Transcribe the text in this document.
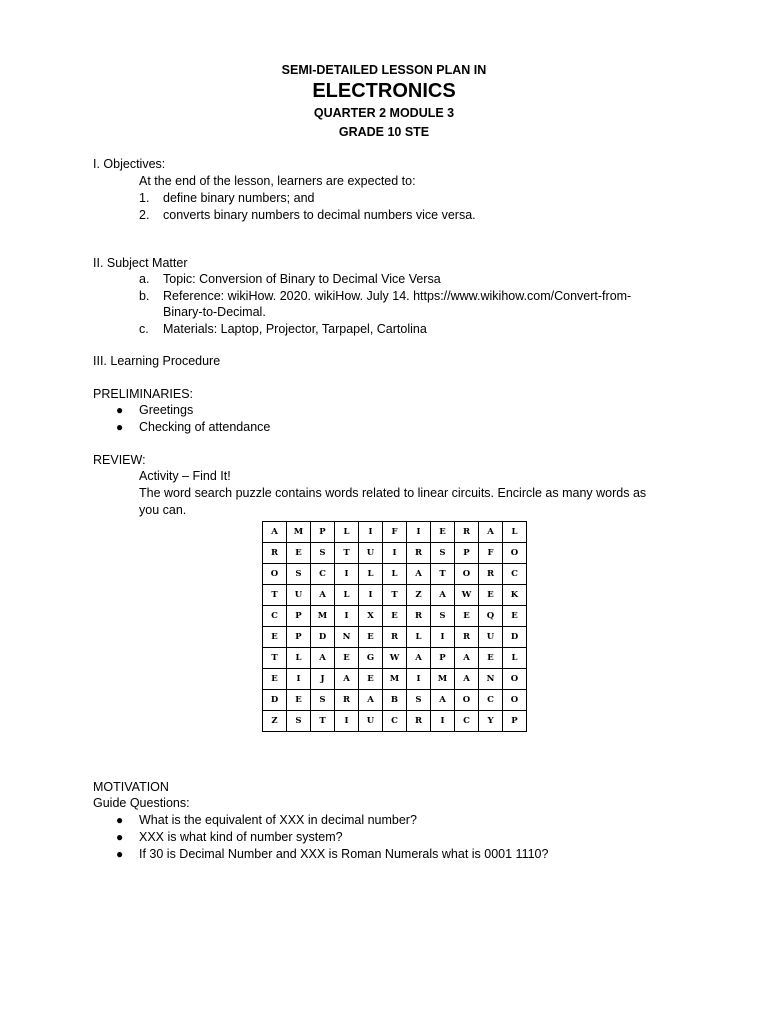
SEMI-DETAILED LESSON PLAN IN
ELECTRONICS
QUARTER 2 MODULE 3
GRADE 10 STE
I. Objectives:
At the end of the lesson, learners are expected to:
1. define binary numbers; and
2. converts binary numbers to decimal numbers vice versa.
II. Subject Matter
a. Topic: Conversion of Binary to Decimal Vice Versa
b. Reference: wikiHow. 2020. wikiHow. July 14. https://www.wikihow.com/Convert-from-
Binary-to-Decimal.
c. Materials: Laptop, Projector, Tarpapel, Cartolina
III. Learning Procedure
PRELIMINARIES:
● Greetings
● Checking of attendance
REVIEW:
Activity – Find It!
The word search puzzle contains words related to linear circuits. Encircle as many words as
you can.
A	M	P	L	I	F	I	E	R	A	L
R	E	S	T	U	I	R	S	P	F	O
O	S	C	I	L	L	A	T	O	R	C
T	U	A	L	I	T	Z	A	W	E	K
C	P	M	I	X	E	R	S	E	Q	E
E	P	D	N	E	R	L	I	R	U	D
T	L	A	E	G	W	A	P	A	E	L
E	I	J	A	E	M	I	M	A	N	O
D	E	S	R	A	B	S	A	O	C	O
Z	S	T	I	U	C	R	I	C	Y	P
MOTIVATION
Guide Questions:
● What is the equivalent of XXX in decimal number?
● XXX is what kind of number system?
● If 30 is Decimal Number and XXX is Roman Numerals what is 0001 1110?
